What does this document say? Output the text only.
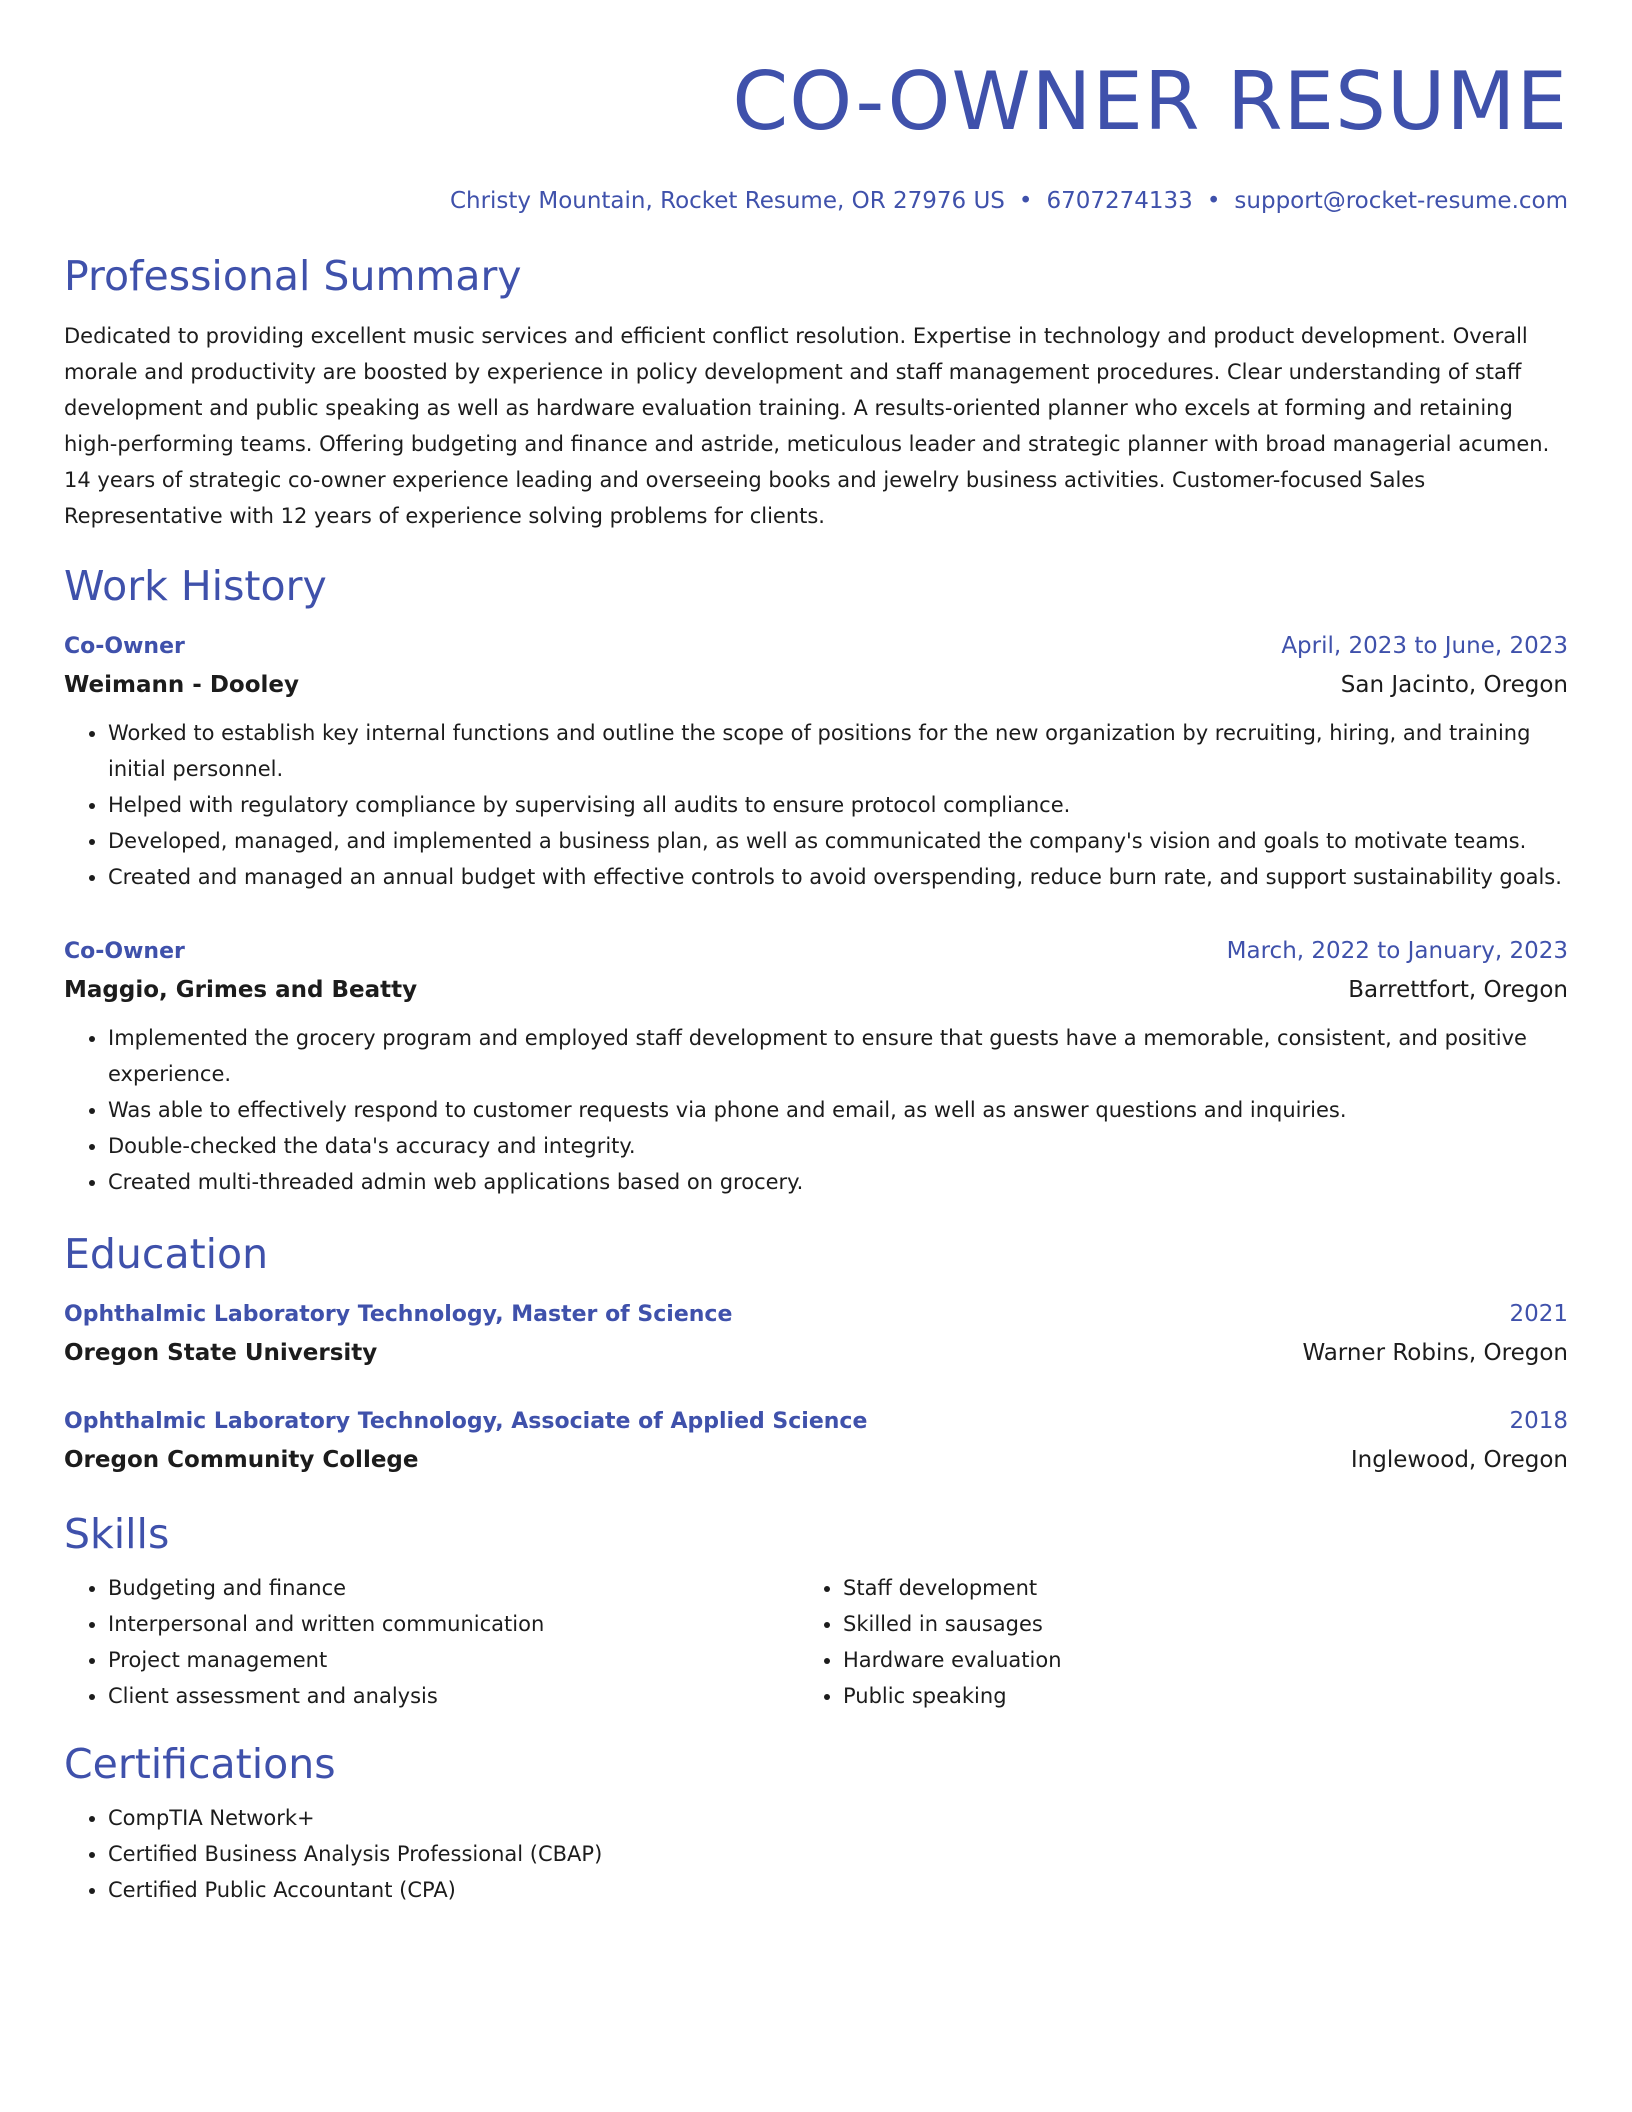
CO-OWNER RESUME
Christy Mountain, Rocket Resume, OR 27976 US • 6707274133 • support@rocket-resume.com
Professional Summary

Dedicated to providing excellent music services and efficient conflict resolution. Expertise in technology and product development. Overall morale and productivity are boosted by experience in policy development and staff management procedures. Clear understanding of staff development and public speaking as well as hardware evaluation training. A results-oriented planner who excels at forming and retaining high-performing teams. Offering budgeting and finance and astride, meticulous leader and strategic planner with broad managerial acumen. 14 years of strategic co-owner experience leading and overseeing books and jewelry business activities. Customer-focused Sales Representative with 12 years of experience solving problems for clients.

Work History
Co-Owner	April, 2023 to June, 2023
Weimann - Dooley	San Jacinto, Oregon
• Worked to establish key internal functions and outline the scope of positions for the new organization by recruiting, hiring, and training initial personnel.
• Helped with regulatory compliance by supervising all audits to ensure protocol compliance.
• Developed, managed, and implemented a business plan, as well as communicated the company's vision and goals to motivate teams.
• Created and managed an annual budget with effective controls to avoid overspending, reduce burn rate, and support sustainability goals.
Co-Owner	March, 2022 to January, 2023
Maggio, Grimes and Beatty	Barrettfort, Oregon
• Implemented the grocery program and employed staff development to ensure that guests have a memorable, consistent, and positive experience.
• Was able to effectively respond to customer requests via phone and email, as well as answer questions and inquiries.
• Double-checked the data's accuracy and integrity.
• Created multi-threaded admin web applications based on grocery.
Education
Ophthalmic Laboratory Technology, Master of Science	2021
Oregon State University	Warner Robins, Oregon
Ophthalmic Laboratory Technology, Associate of Applied Science	2018
Oregon Community College	Inglewood, Oregon
Skills
• Budgeting and finance
• Interpersonal and written communication
• Project management
• Client assessment and analysis
• Staff development
• Skilled in sausages
• Hardware evaluation
• Public speaking
Certifications
• CompTIA Network+
• Certified Business Analysis Professional (CBAP)
• Certified Public Accountant (CPA)
